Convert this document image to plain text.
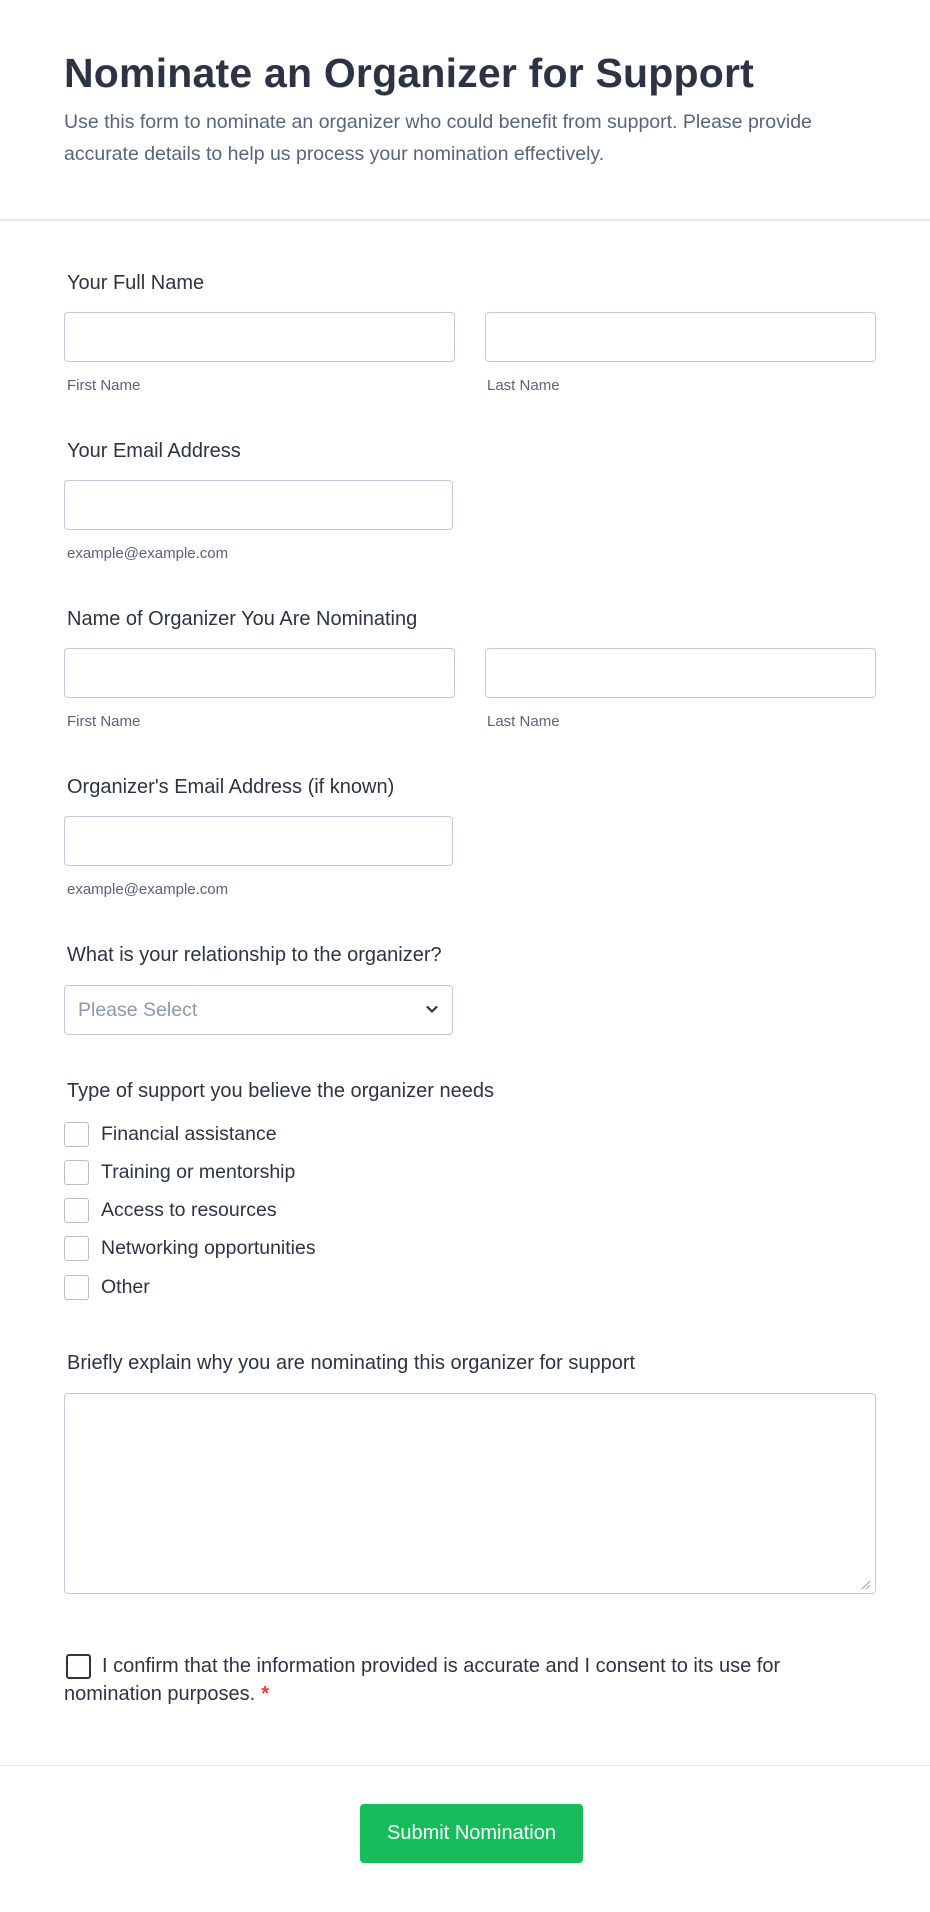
Nominate an Organizer for Support

Use this form to nominate an organizer who could benefit from support. Please provide accurate details to help us process your nomination effectively.

Your Full Name
First Name	Last Name
Your Email Address
example@example.com
Name of Organizer You Are Nominating
First Name	Last Name
Organizer's Email Address (if known)
example@example.com
What is your relationship to the organizer?
Please Select
Type of support you believe the organizer needs
Financial assistance
Training or mentorship
Access to resources
Networking opportunities
Other
Briefly explain why you are nominating this organizer for support

I confirm that the information provided is accurate and I consent to its use for nomination purposes. *

Submit Nomination
